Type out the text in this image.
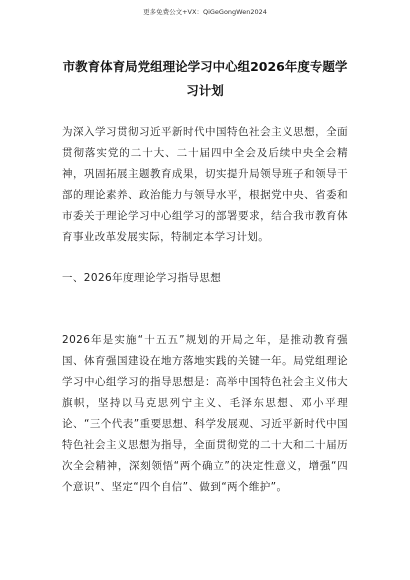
更多免费公文+VX：QiGeGongWen2024
市教育体育局党组理论学习中心组2026年度专题学习计划

为深入学习贯彻习近平新时代中国特色社会主义思想，全面贯彻落实党的二十大、二十届四中全会及后续中央全会精神，巩固拓展主题教育成果，切实提升局领导班子和领导干部的理论素养、政治能力与领导水平，根据党中央、省委和市委关于理论学习中心组学习的部署要求，结合我市教育体育事业改革发展实际，特制定本学习计划。

一、2026年度理论学习指导思想

2026年是实施“十五五”规划的开局之年，是推动教育强国、体育强国建设在地方落地实践的关键一年。局党组理论学习中心组学习的指导思想是：高举中国特色社会主义伟大旗帜，坚持以马克思列宁主义、毛泽东思想、邓小平理论、“三个代表”重要思想、科学发展观、习近平新时代中国特色社会主义思想为指导，全面贯彻党的二十大和二十届历次全会精神，深刻领悟“两个确立”的决定性意义，增强“四个意识”、坚定“四个自信”、做到“两个维护”。
